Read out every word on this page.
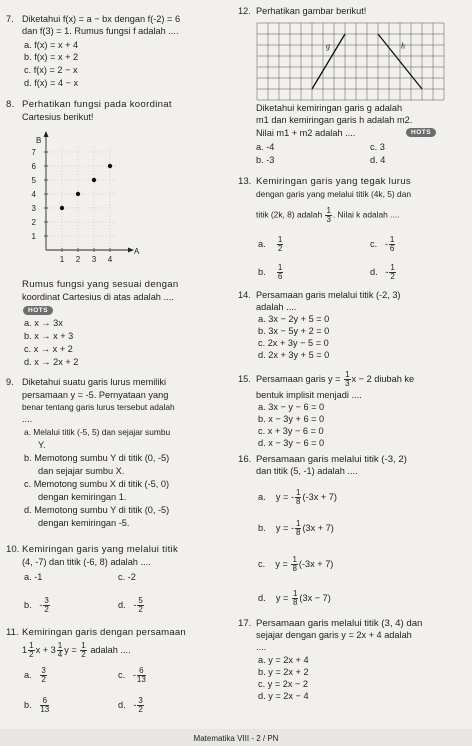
7. Diketahui f(x) = a − bx dengan f(-2) = 6
dan f(3) = 1. Rumus fungsi f adalah ....
a. f(x) = x + 4
b. f(x) = x + 2
c. f(x) = 2 − x
d. f(x) = 4 − x
8. Perhatikan fungsi pada koordinat
Cartesius berikut!
7
6
5
4
3
2
1
1 2 3 4
B
A
Rumus fungsi yang sesuai dengan
koordinat Cartesius di atas adalah ....
HOTS
a. x → 3x
b. x → x + 3
c. x → x + 2
d. x → 2x + 2
9. Diketahui suatu garis lurus memiliki
persamaan y = -5. Pernyataan yang
benar tentang garis lurus tersebut adalah
....
a. Melalui titik (-5, 5) dan sejajar sumbu
Y.
b. Memotong sumbu Y di titik (0, -5)
dan sejajar sumbu X.
c. Memotong sumbu X di titik (-5, 0)
dengan kemiringan 1.
d. Memotong sumbu Y di titik (0, -5)
dengan kemiringan -5.
10. Kemiringan garis yang melalui titik
(4, -7) dan titik (-6, 8) adalah ....
a. -1	c. -2
b. - $\frac{3}{2}$	d. - $\frac{5}{2}$
11. Kemiringan garis dengan persamaan
$1 \frac{1}{2}$ $x + 3 \frac{1}{4}$ $y = \frac{1}{2}$ adalah ....
a. $\frac{3}{2}$	c. - $\frac{6}{13}$
b. $\frac{6}{13}$	d. - $\frac{3}{2}$
12. Perhatikan gambar berikut!
g	h
Diketahui kemiringan garis g adalah
m1 dan kemiringan garis h adalah m2.
Nilai m1 + m2 adalah ....	HOTS
a. -4	c. 3
b. -3	d. 4
13. Kemiringan garis yang tegak lurus
dengan garis yang melalui titik (4k, 5) dan
titik (2k, 8) adalah $\frac{1}{3}$ . Nilai k adalah ....
a. $\frac{1}{2}$	c. - $\frac{1}{6}$
b. $\frac{1}{6}$	d. - $\frac{1}{2}$
14. Persamaan garis melalui titik (-2, 3)
adalah ....
a. 3x − 2y + 5 = 0
b. 3x − 5y + 2 = 0
c. 2x + 3y − 5 = 0
d. 2x + 3y + 5 = 0
15. Persamaan garis $y = \frac{1}{3}$ x − 2 diubah ke
bentuk implisit menjadi ....
a. 3x − y − 6 = 0
b. x − 3y + 6 = 0
c. x + 3y − 6 = 0
d. x − 3y − 6 = 0
16. Persamaan garis melalui titik (-3, 2)
dan titik (5, -1) adalah ....
a. y = - $\frac{1}{8} (-3x + 7)$
b. y = - $\frac{1}{8} (3x + 7)$
c. $y = \frac{1}{8} (-3x + 7)$
d. $y = \frac{1}{8} (3x - 7)$
17. Persamaan garis melalui titik (3, 4) dan
sejajar dengan garis y = 2x + 4 adalah
....
a. y = 2x + 4
b. y = 2x + 2
c. y = 2x − 2
d. y = 2x − 4
Matematika VIII - 2 / PN
